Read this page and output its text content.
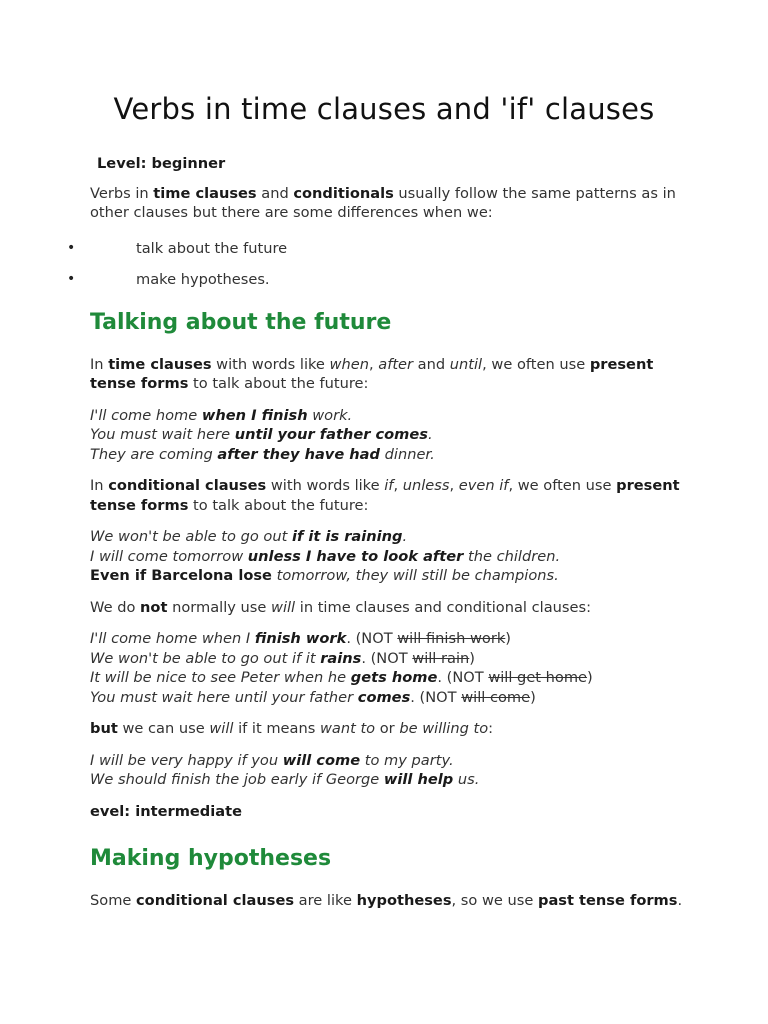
Verbs in time clauses and 'if' clauses

Level: beginner

Verbs in time clauses and conditionals usually follow the same patterns as in other clauses but there are some differences when we:

•	talk about the future
•	make hypotheses.
Talking about the future

In time clauses with words like when, after and until, we often use present tense forms to talk about the future:

I'll come home when I finish work.
You must wait here until your father comes.
They are coming after they have had dinner.

In conditional clauses with words like if, unless, even if, we often use present tense forms to talk about the future:

We won't be able to go out if it is raining.
I will come tomorrow unless I have to look after the children.
Even if Barcelona lose tomorrow, they will still be champions.

We do not normally use will in time clauses and conditional clauses:

I'll come home when I finish work. (NOT will finish work)
We won't be able to go out if it rains. (NOT will rain)
It will be nice to see Peter when he gets home. (NOT will get home)
You must wait here until your father comes. (NOT will come)

but we can use will if it means want to or be willing to:

I will be very happy if you will come to my party.
We should finish the job early if George will help us.

evel: intermediate

Making hypotheses

Some conditional clauses are like hypotheses, so we use past tense forms.
